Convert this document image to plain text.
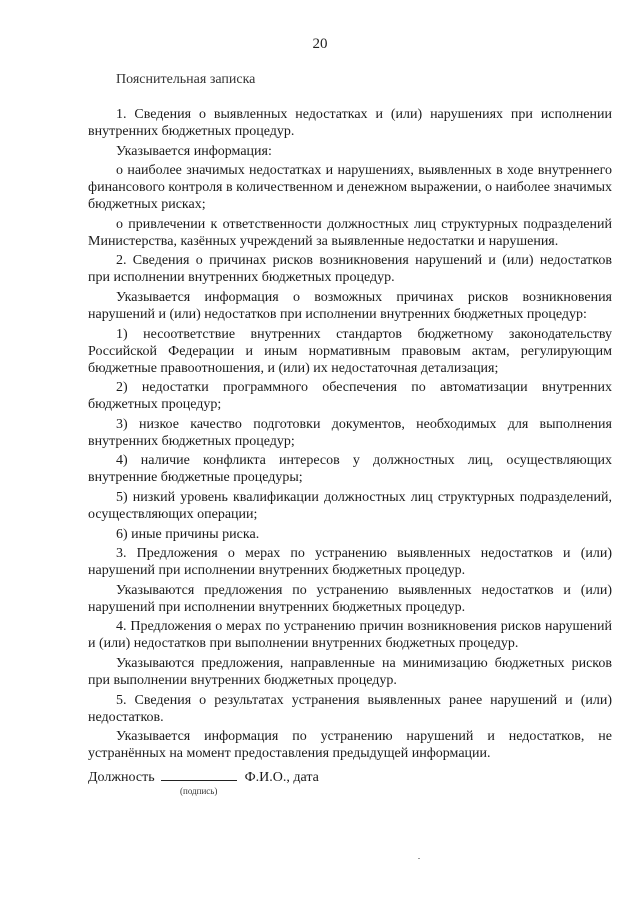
20
Пояснительная записка

1. Сведения о выявленных недостатках и (или) нарушениях при исполнении внутренних бюджетных процедур.

Указывается информация:

о наиболее значимых недостатках и нарушениях, выявленных в ходе внутреннего финансового контроля в количественном и денежном выражении, о наиболее значимых бюджетных рисках;

о привлечении к ответственности должностных лиц структурных подразделений Министерства, казённых учреждений за выявленные недостатки и нарушения.

2. Сведения о причинах рисков возникновения нарушений и (или) недостатков при исполнении внутренних бюджетных процедур.

Указывается информация о возможных причинах рисков возникновения нарушений и (или) недостатков при исполнении внутренних бюджетных процедур:

1) несоответствие внутренних стандартов бюджетному законодательству Российской Федерации и иным нормативным правовым актам, регулирующим бюджетные правоотношения, и (или) их недостаточная детализация;

2) недостатки программного обеспечения по автоматизации внутренних бюджетных процедур;

3) низкое качество подготовки документов, необходимых для выполнения внутренних бюджетных процедур;

4) наличие конфликта интересов у должностных лиц, осуществляющих внутренние бюджетные процедуры;

5) низкий уровень квалификации должностных лиц структурных подразделений, осуществляющих операции;

6) иные причины риска.

3. Предложения о мерах по устранению выявленных недостатков и (или) нарушений при исполнении внутренних бюджетных процедур.

Указываются предложения по устранению выявленных недостатков и (или) нарушений при исполнении внутренних бюджетных процедур.

4. Предложения о мерах по устранению причин возникновения рисков нарушений и (или) недостатков при выполнении внутренних бюджетных процедур.

Указываются предложения, направленные на минимизацию бюджетных рисков при выполнении внутренних бюджетных процедур.

5. Сведения о результатах устранения выявленных ранее нарушений и (или) недостатков.

Указывается информация по устранению нарушений и недостатков, не устранённых на момент предоставления предыдущей информации.

Должность	Ф.И.О., дата
(подпись)
